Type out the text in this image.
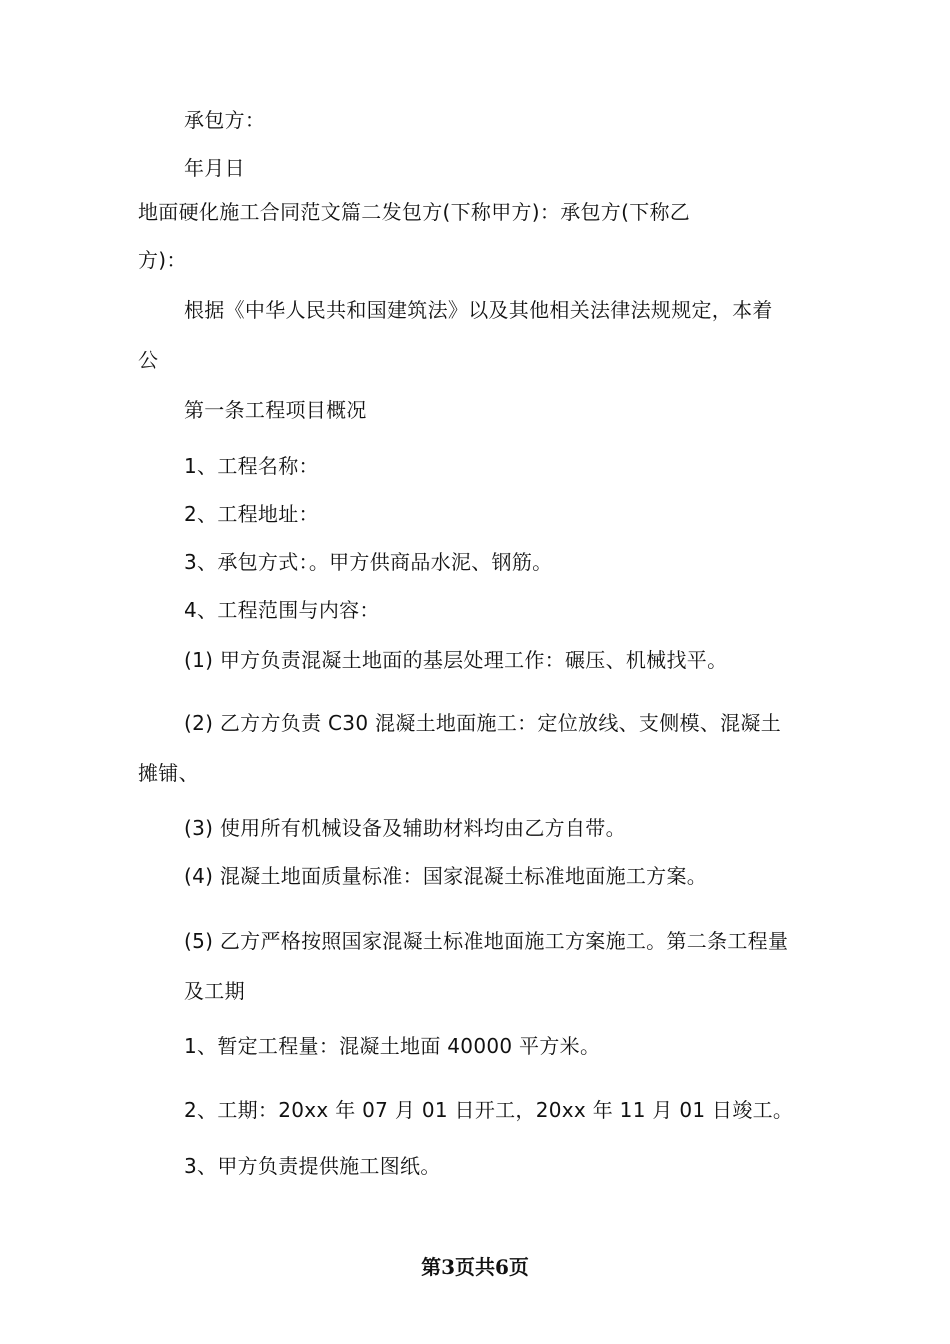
承包方：
年月日
地面硬化施工合同范文篇二发包方(下称甲方)：承包方(下称乙
方)：
根据《中华人民共和国建筑法》以及其他相关法律法规规定，本着
公
第一条工程项目概况
1、工程名称：
2、工程地址：
3、承包方式：。甲方供商品水泥、钢筋。
4、工程范围与内容：
(1) 甲方负责混凝土地面的基层处理工作：碾压、机械找平。
(2) 乙方方负责 C30 混凝土地面施工：定位放线、支侧模、混凝土
摊铺、
(3) 使用所有机械设备及辅助材料均由乙方自带。
(4) 混凝土地面质量标准：国家混凝土标准地面施工方案。
(5) 乙方严格按照国家混凝土标准地面施工方案施工。第二条工程量
及工期
1、暂定工程量：混凝土地面 40000 平方米。
2、工期：20xx 年 07 月 01 日开工，20xx 年 11 月 01 日竣工。
3、甲方负责提供施工图纸。
第3页共6页
